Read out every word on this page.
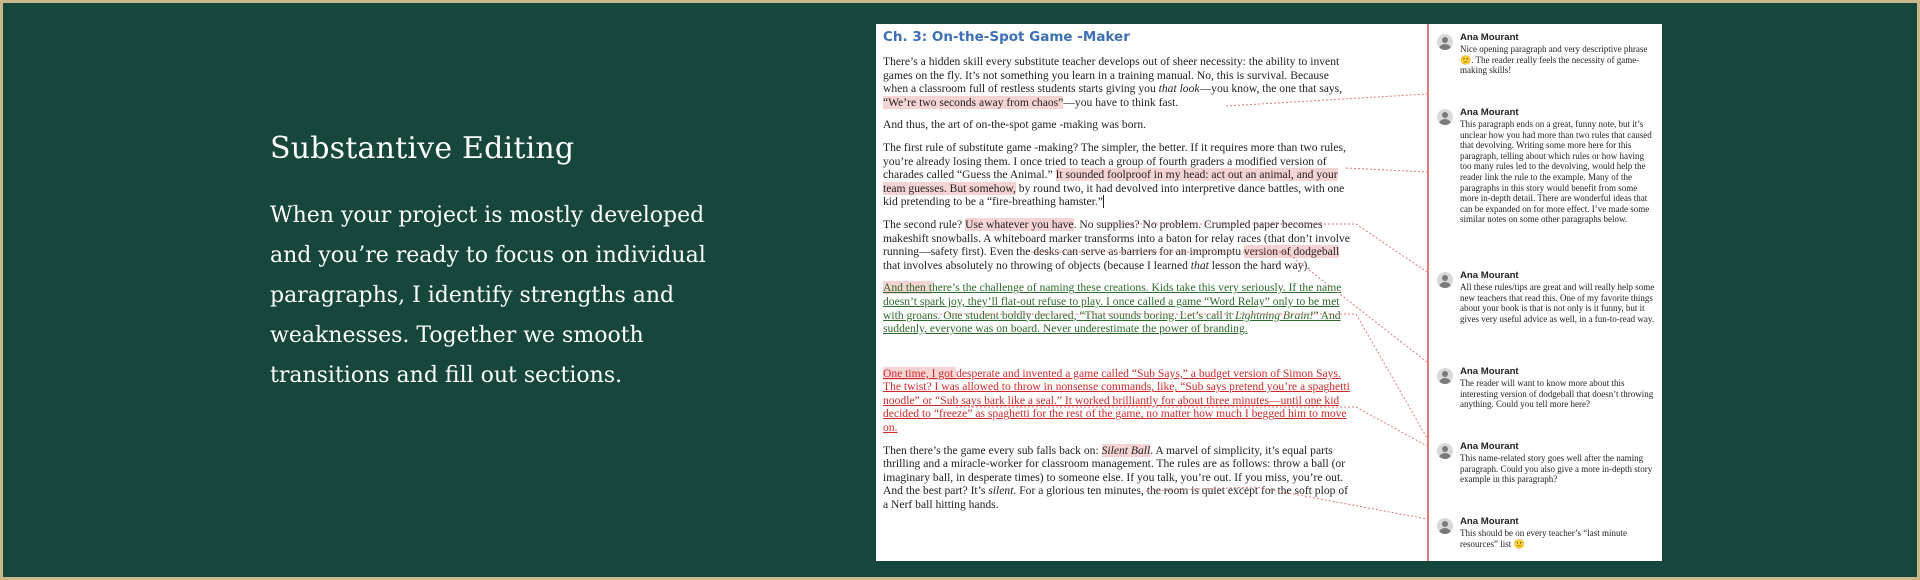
Substantive Editing

When your project is mostly developed and you’re ready to focus on individual paragraphs, I identify strengths and weaknesses. Together we smooth transitions and fill out sections.

Ch. 3: On-the-Spot Game -Maker

There’s a hidden skill every substitute teacher develops out of sheer necessity: the ability to invent games on the fly. It’s not something you learn in a training manual. No, this is survival. Because when a classroom full of restless students starts giving you that look—you know, the one that says, “We’re two seconds away from chaos”—you have to think fast.

And thus, the art of on-the-spot game -making was born.

The first rule of substitute game -making? The simpler, the better. If it requires more than two rules, you’re already losing them. I once tried to teach a group of fourth graders a modified version of charades called “Guess the Animal.” It sounded foolproof in my head: act out an animal, and your team guesses. But somehow, by round two, it had devolved into interpretive dance battles, with one kid pretending to be a “fire-breathing hamster.”

The second rule? Use whatever you have. No supplies? No problem. Crumpled paper becomes makeshift snowballs. A whiteboard marker transforms into a baton for relay races (that don’t involve running—safety first). Even the desks can serve as barriers for an impromptu version of dodgeball that involves absolutely no throwing of objects (because I learned that lesson the hard way).

And then there’s the challenge of naming these creations. Kids take this very seriously. If the name doesn’t spark joy, they’ll flat-out refuse to play. I once called a game “Word Relay” only to be met with groans. One student boldly declared, “That sounds boring. Let’s call it Lightning Brain!” And suddenly, everyone was on board. Never underestimate the power of branding.

One time, I got desperate and invented a game called “Sub Says,” a budget version of Simon Says. The twist? I was allowed to throw in nonsense commands, like, “Sub says pretend you’re a spaghetti noodle” or “Sub says bark like a seal.” It worked brilliantly for about three minutes—until one kid decided to “freeze” as spaghetti for the rest of the game, no matter how much I begged him to move on.

Then there’s the game every sub falls back on: Silent Ball. A marvel of simplicity, it’s equal parts thrilling and a miracle-worker for classroom management. The rules are as follows: throw a ball (or imaginary ball, in desperate times) to someone else. If you talk, you’re out. If you miss, you’re out. And the best part? It’s silent. For a glorious ten minutes, the room is quiet except for the soft plop of a Nerf ball hitting hands.

Ana Mourant
Nice opening paragraph and very descriptive phrase 🙂. The reader really feels the necessity of game-making skills!
Ana Mourant
This paragraph ends on a great, funny note, but it’s unclear how you had more than two rules that caused that devolving. Writing some more here for this paragraph, telling about which rules or how having too many rules led to the devolving, would help the reader link the rule to the example. Many of the paragraphs in this story would benefit from some more in-depth detail. There are wonderful ideas that can be expanded on for more effect. I’ve made some similar notes on some other paragraphs below.
Ana Mourant
All these rules/tips are great and will really help some new teachers that read this. One of my favorite things about your book is that is not only is it funny, but it gives very useful advice as well, in a fun-to-read way.
Ana Mourant
The reader will want to know more about this interesting version of dodgeball that doesn’t throwing anything. Could you tell more here?
Ana Mourant
This name-related story goes well after the naming paragraph. Could you also give a more in-depth story example in this paragraph?
Ana Mourant
This should be on every teacher’s “last minute resources” list 🙂
